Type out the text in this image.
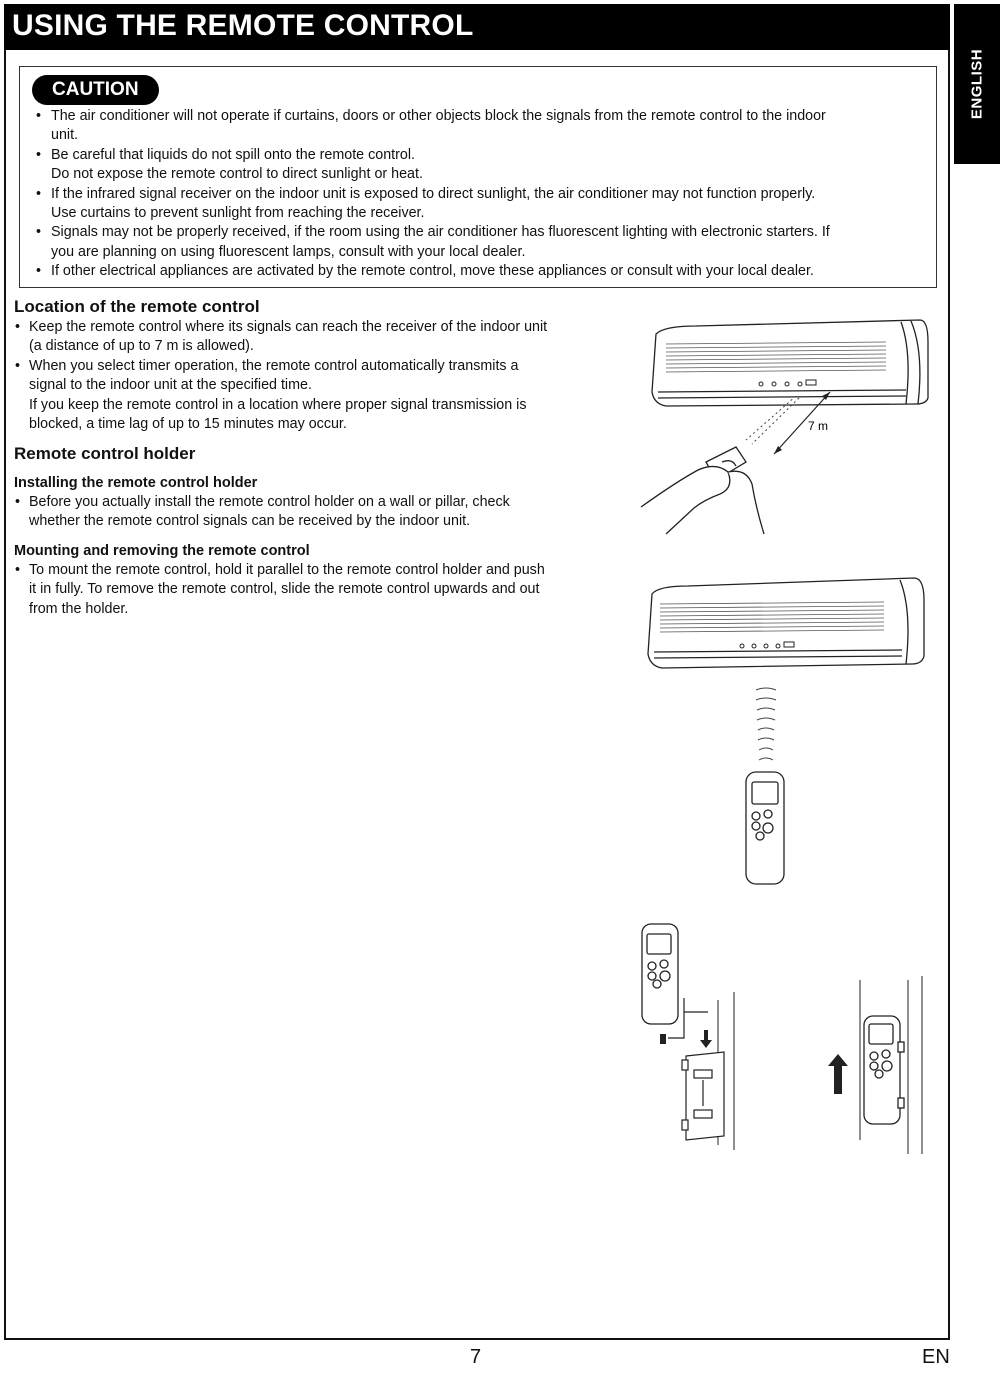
USING THE REMOTE CONTROL
ENGLISH
CAUTION
• The air conditioner will not operate if curtains, doors or other objects block the signals from the remote control to the indoor
unit.
• Be careful that liquids do not spill onto the remote control.
Do not expose the remote control to direct sunlight or heat.
• If the infrared signal receiver on the indoor unit is exposed to direct sunlight, the air conditioner may not function properly.
Use curtains to prevent sunlight from reaching the receiver.
• Signals may not be properly received, if the room using the air conditioner has fluorescent lighting with electronic starters. If
you are planning on using fluorescent lamps, consult with your local dealer.
• If other electrical appliances are activated by the remote control, move these appliances or consult with your local dealer.
Location of the remote control
• Keep the remote control where its signals can reach the receiver of the indoor unit
(a distance of up to 7 m is allowed).
• When you select timer operation, the remote control automatically transmits a
signal to the indoor unit at the specified time.
If you keep the remote control in a location where proper signal transmission is
blocked, a time lag of up to 15 minutes may occur.
Remote control holder
Installing the remote control holder
• Before you actually install the remote control holder on a wall or pillar, check
whether the remote control signals can be received by the indoor unit.
Mounting and removing the remote control
• To mount the remote control, hold it parallel to the remote control holder and push
it in fully. To remove the remote control, slide the remote control upwards and out
from the holder.
7 m
7	EN
